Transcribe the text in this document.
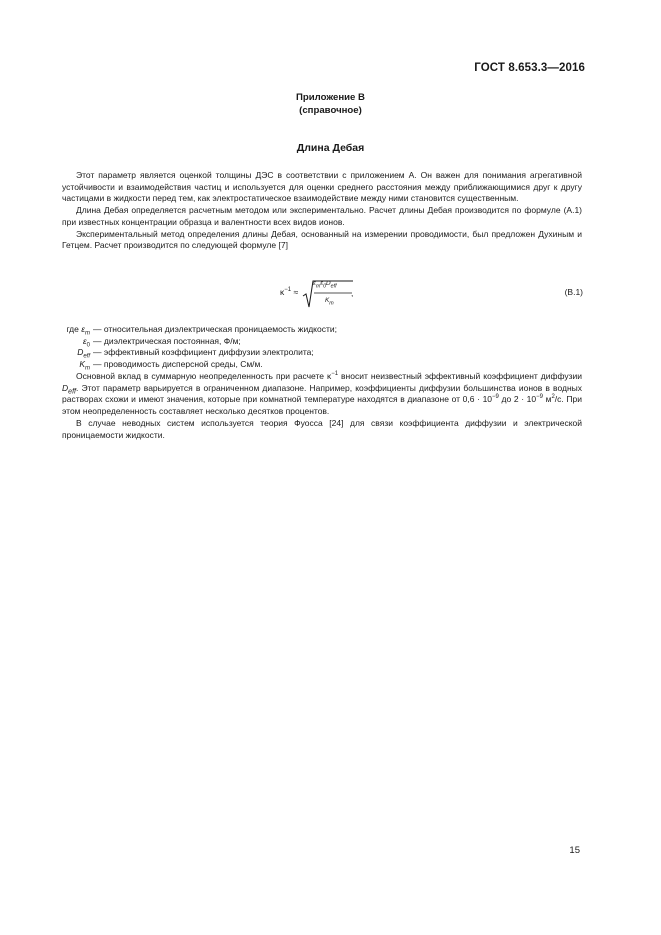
ГОСТ 8.653.3—2016
Приложение В
(справочное)
Длина Дебая

Этот параметр является оценкой толщины ДЭС в соответствии с приложением А. Он важен для понимания агрегативной устойчивости и взаимодействия частиц и используется для оценки среднего расстояния между приближающимися друг к другу частицами в жидкости перед тем, как электростатическое взаимодействие между ними становится существенным.

Длина Дебая определяется расчетным методом или экспериментально. Расчет длины Дебая производится по формуле (А.1) при известных концентрации образца и валентности всех видов ионов.

Экспериментальный метод определения длины Дебая, основанный на измерении проводимости, был предложен Духиным и Гетцем. Расчет производится по следующей формуле [7]

$\kappa^{-1}$ ≈
$\varepsilon_m\varepsilon_0D_{eff}$
$K_m$
,	(В.1)
где $\varepsilon_m$ — относительная диэлектрическая проницаемость жидкости;
$\varepsilon_0$ — диэлектрическая постоянная, Ф/м;
$D_{eff}$ — эффективный коэффициент диффузии электролита;
$K_m$ — проводимость дисперсной среды, См/м.

Основной вклад в суммарную неопределенность при расчете $\kappa^{-1}$ вносит неизвестный эффективный коэффициент диффузии $D_{eff}$. Этот параметр варьируется в ограниченном диапазоне. Например, коэффициенты диффузии большинства ионов в водных растворах схожи и имеют значения, которые при комнатной температуре находятся в диапазоне от $0,6 \cdot 10^{-9}$ до $2 \cdot 10^{-9}$ $м^2/с$. При этом неопределенность составляет несколько десятков процентов.

В случае неводных систем используется теория Фуосса [24] для связи коэффициента диффузии и электрической проницаемости жидкости.

15
